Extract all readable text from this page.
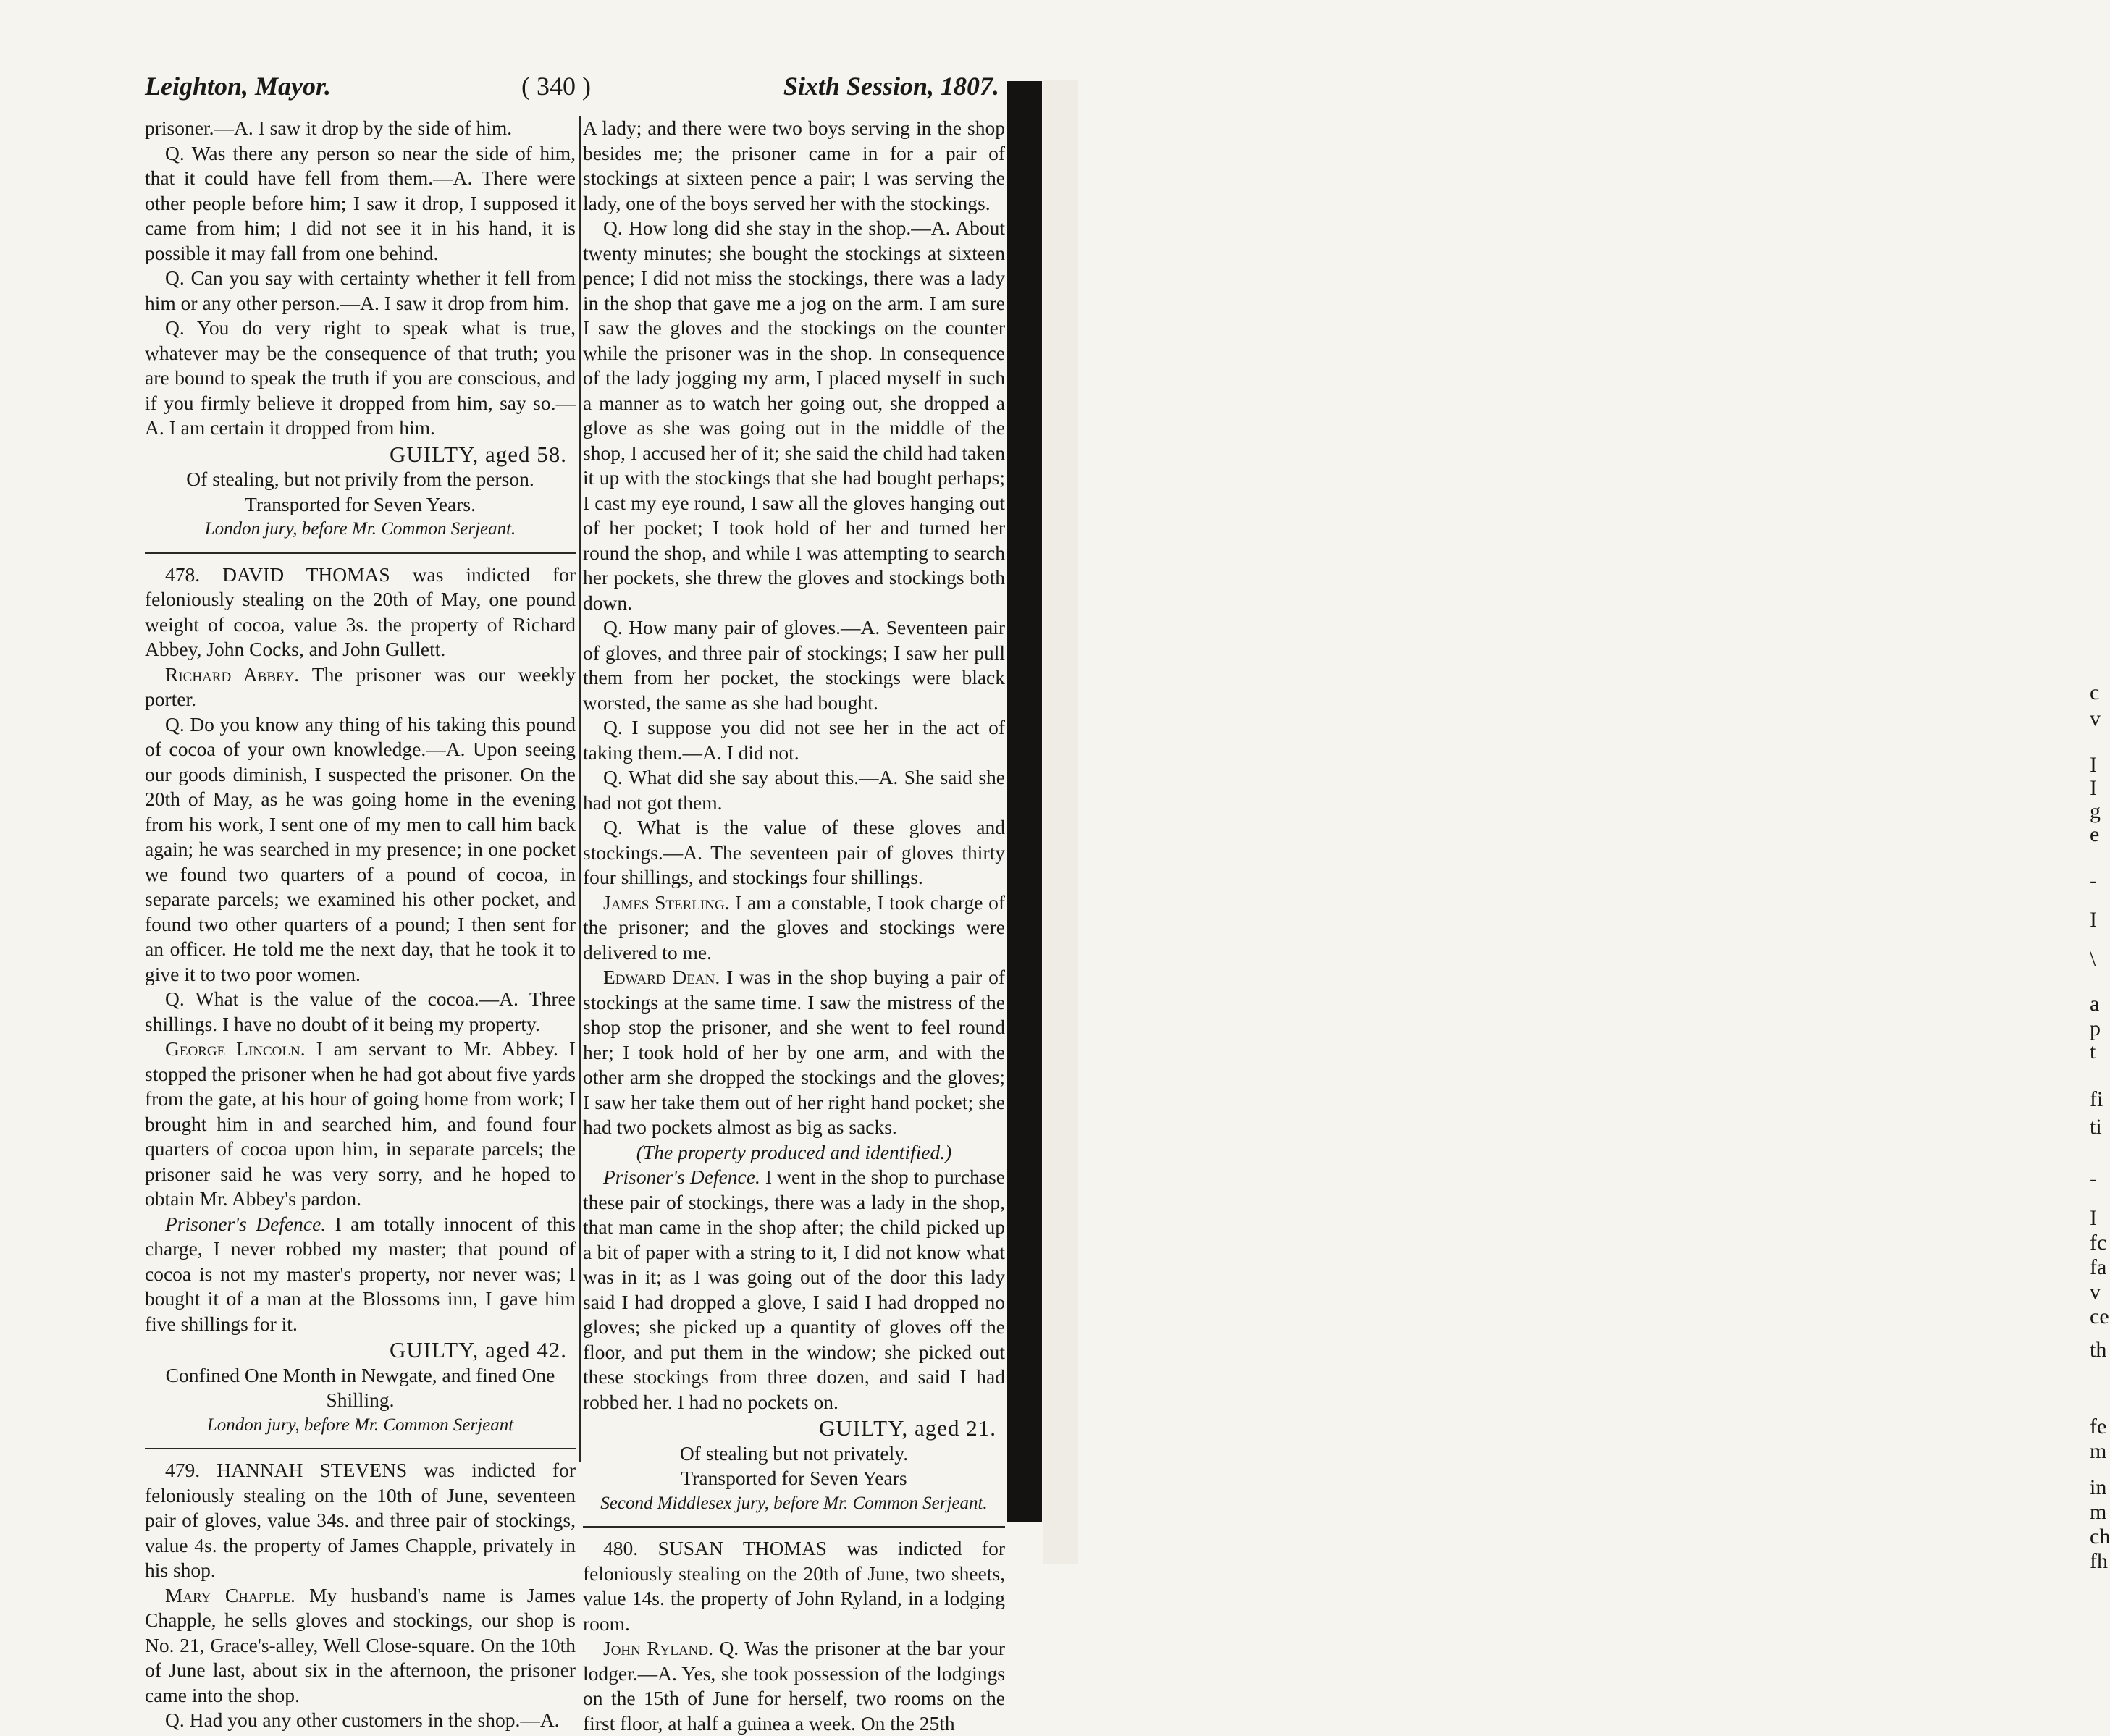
Leighton, Mayor.	( 340 )	Sixth Session, 1807.

prisoner.—A. I saw it drop by the side of him.

Q. Was there any person so near the side of him, that it could have fell from them.—A. There were other people before him; I saw it drop, I supposed it came from him; I did not see it in his hand, it is possible it may fall from one behind.

Q. Can you say with certainty whether it fell from him or any other person.—A. I saw it drop from him.

Q. You do very right to speak what is true, whatever may be the consequence of that truth; you are bound to speak the truth if you are conscious, and if you firmly believe it dropped from him, say so.—A. I am certain it dropped from him.

GUILTY, aged 58.

Of stealing, but not privily from the person.

Transported for Seven Years.

London jury, before Mr. Common Serjeant.

478. DAVID THOMAS was indicted for feloniously stealing on the 20th of May, one pound weight of cocoa, value 3s. the property of Richard Abbey, John Cocks, and John Gullett.

Richard Abbey. The prisoner was our weekly porter.

Q. Do you know any thing of his taking this pound of cocoa of your own knowledge.—A. Upon seeing our goods diminish, I suspected the prisoner. On the 20th of May, as he was going home in the evening from his work, I sent one of my men to call him back again; he was searched in my presence; in one pocket we found two quarters of a pound of cocoa, in separate parcels; we examined his other pocket, and found two other quarters of a pound; I then sent for an officer. He told me the next day, that he took it to give it to two poor women.

Q. What is the value of the cocoa.—A. Three shillings. I have no doubt of it being my property.

George Lincoln. I am servant to Mr. Abbey. I stopped the prisoner when he had got about five yards from the gate, at his hour of going home from work; I brought him in and searched him, and found four quarters of cocoa upon him, in separate parcels; the prisoner said he was very sorry, and he hoped to obtain Mr. Abbey's pardon.

Prisoner's Defence. I am totally innocent of this charge, I never robbed my master; that pound of cocoa is not my master's property, nor never was; I bought it of a man at the Blossoms inn, I gave him five shillings for it.

GUILTY, aged 42.

Confined One Month in Newgate, and fined One Shilling.

London jury, before Mr. Common Serjeant

479. HANNAH STEVENS was indicted for feloniously stealing on the 10th of June, seventeen pair of gloves, value 34s. and three pair of stockings, value 4s. the property of James Chapple, privately in his shop.

Mary Chapple. My husband's name is James Chapple, he sells gloves and stockings, our shop is No. 21, Grace's-alley, Well Close-square. On the 10th of June last, about six in the afternoon, the prisoner came into the shop.

Q. Had you any other customers in the shop.—A.

A lady; and there were two boys serving in the shop besides me; the prisoner came in for a pair of stockings at sixteen pence a pair; I was serving the lady, one of the boys served her with the stockings.

Q. How long did she stay in the shop.—A. About twenty minutes; she bought the stockings at sixteen pence; I did not miss the stockings, there was a lady in the shop that gave me a jog on the arm. I am sure I saw the gloves and the stockings on the counter while the prisoner was in the shop. In consequence of the lady jogging my arm, I placed myself in such a manner as to watch her going out, she dropped a glove as she was going out in the middle of the shop, I accused her of it; she said the child had taken it up with the stockings that she had bought perhaps; I cast my eye round, I saw all the gloves hanging out of her pocket; I took hold of her and turned her round the shop, and while I was attempting to search her pockets, she threw the gloves and stockings both down.

Q. How many pair of gloves.—A. Seventeen pair of gloves, and three pair of stockings; I saw her pull them from her pocket, the stockings were black worsted, the same as she had bought.

Q. I suppose you did not see her in the act of taking them.—A. I did not.

Q. What did she say about this.—A. She said she had not got them.

Q. What is the value of these gloves and stockings.—A. The seventeen pair of gloves thirty four shillings, and stockings four shillings.

James Sterling. I am a constable, I took charge of the prisoner; and the gloves and stockings were delivered to me.

Edward Dean. I was in the shop buying a pair of stockings at the same time. I saw the mistress of the shop stop the prisoner, and she went to feel round her; I took hold of her by one arm, and with the other arm she dropped the stockings and the gloves; I saw her take them out of her right hand pocket; she had two pockets almost as big as sacks.

(The property produced and identified.)

Prisoner's Defence. I went in the shop to purchase these pair of stockings, there was a lady in the shop, that man came in the shop after; the child picked up a bit of paper with a string to it, I did not know what was in it; as I was going out of the door this lady said I had dropped a glove, I said I had dropped no gloves; she picked up a quantity of gloves off the floor, and put them in the window; she picked out these stockings from three dozen, and said I had robbed her. I had no pockets on.

GUILTY, aged 21.

Of stealing but not privately.

Transported for Seven Years

Second Middlesex jury, before Mr. Common Serjeant.

480. SUSAN THOMAS was indicted for feloniously stealing on the 20th of June, two sheets, value 14s. the property of John Ryland, in a lodging room.

John Ryland. Q. Was the prisoner at the bar your lodger.—A. Yes, she took possession of the lodgings on the 15th of June for herself, two rooms on the first floor, at half a guinea a week. On the 25th

c
v
I
I
g
e
-
I
\
a
p
t
fi
ti
-
I
fc
fa
v
ce
th
fe
m
in
m
ch
fh
